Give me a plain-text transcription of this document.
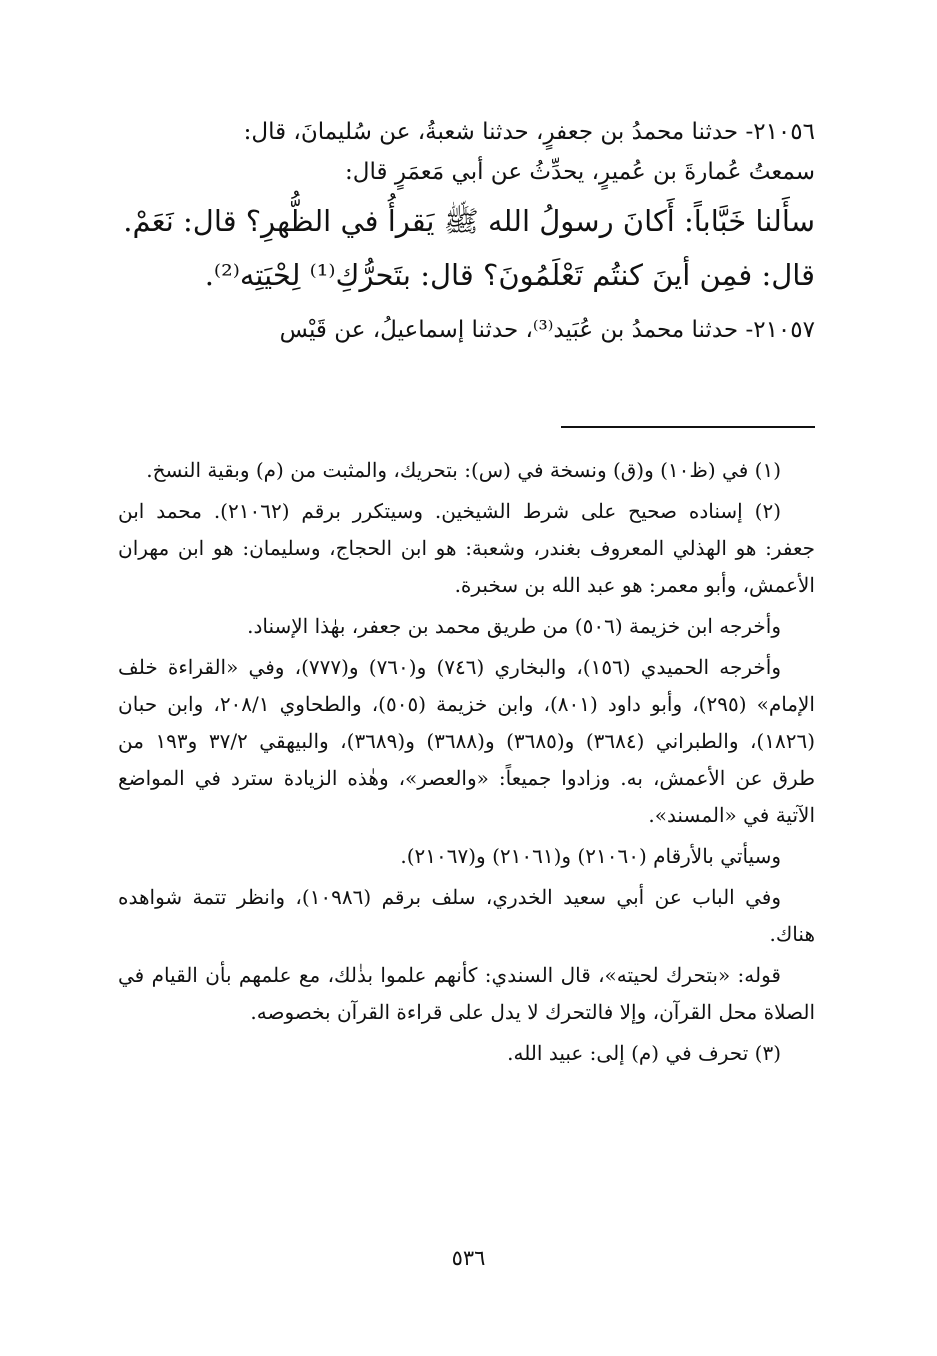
٢١٠٥٦- حدثنا محمدُ بن جعفرٍ، حدثنا شعبةُ، عن سُليمانَ، قال:

سمعتُ عُمارةَ بن عُميرٍ، يحدِّثُ عن أبي مَعمَرٍ قال:

سأَلنا خَبَّاباً: أَكانَ رسولُ الله ﷺ يَقرأُ في الظُّهرِ؟ قال: نَعَمْ.

قال: فمِن أينَ كنتُم تَعْلَمُونَ؟ قال: بتَحرُّكِ⁽¹⁾ لِحْيَتِه⁽²⁾.

٢١٠٥٧- حدثنا محمدُ بن عُبَيد⁽³⁾، حدثنا إسماعيلُ، عن قَيْس

(١) في (ظ١٠) و(ق) ونسخة في (س): بتحريك، والمثبت من (م) وبقية النسخ.

(٢) إسناده صحيح على شرط الشيخين. وسيتكرر برقم (٢١٠٦٢). محمد ابن جعفر: هو الهذلي المعروف بغندر، وشعبة: هو ابن الحجاج، وسليمان: هو ابن مهران الأعمش، وأبو معمر: هو عبد الله بن سخبرة.

وأخرجه ابن خزيمة (٥٠٦) من طريق محمد بن جعفر، بهٰذا الإسناد.

وأخرجه الحميدي (١٥٦)، والبخاري (٧٤٦) و(٧٦٠) و(٧٧٧)، وفي «القراءة خلف الإمام» (٢٩٥)، وأبو داود (٨٠١)، وابن خزيمة (٥٠٥)، والطحاوي ٢٠٨/١، وابن حبان (١٨٢٦)، والطبراني (٣٦٨٤) و(٣٦٨٥) و(٣٦٨٨) و(٣٦٨٩)، والبيهقي ٣٧/٢ و١٩٣ من طرق عن الأعمش، به. وزادوا جميعاً: «والعصر»، وهٰذه الزيادة سترد في المواضع الآتية في «المسند».

وسيأتي بالأرقام (٢١٠٦٠) و(٢١٠٦١) و(٢١٠٦٧).

وفي الباب عن أبي سعيد الخدري، سلف برقم (١٠٩٨٦)، وانظر تتمة شواهده هناك.

قوله: «بتحرك لحيته»، قال السندي: كأنهم علموا بذٰلك، مع علمهم بأن القيام في الصلاة محل القرآن، وإلا فالتحرك لا يدل على قراءة القرآن بخصوصه.

(٣) تحرف في (م) إلى: عبيد الله.

٥٣٦
